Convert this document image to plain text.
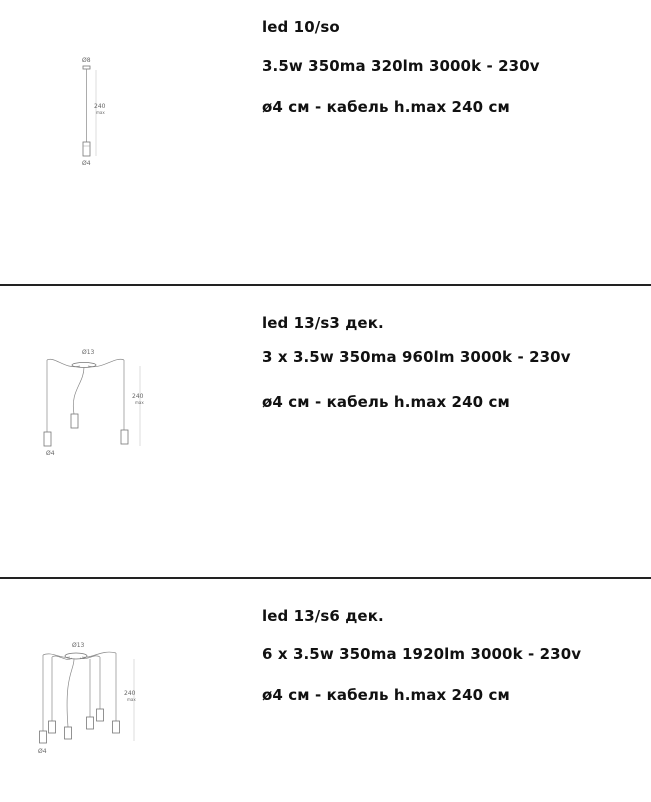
Ø8
240
max
Ø4

led 10/so

3.5w 350ma 320lm 3000k - 230v

ø4 см - кабель h.max 240 см

Ø13
240
max
Ø4

led 13/s3 дек.

3 x 3.5w 350ma 960lm 3000k - 230v

ø4 см - кабель h.max 240 см

Ø13
240
max
Ø4

led 13/s6 дек.

6 x 3.5w 350ma 1920lm 3000k - 230v

ø4 см - кабель h.max 240 см
